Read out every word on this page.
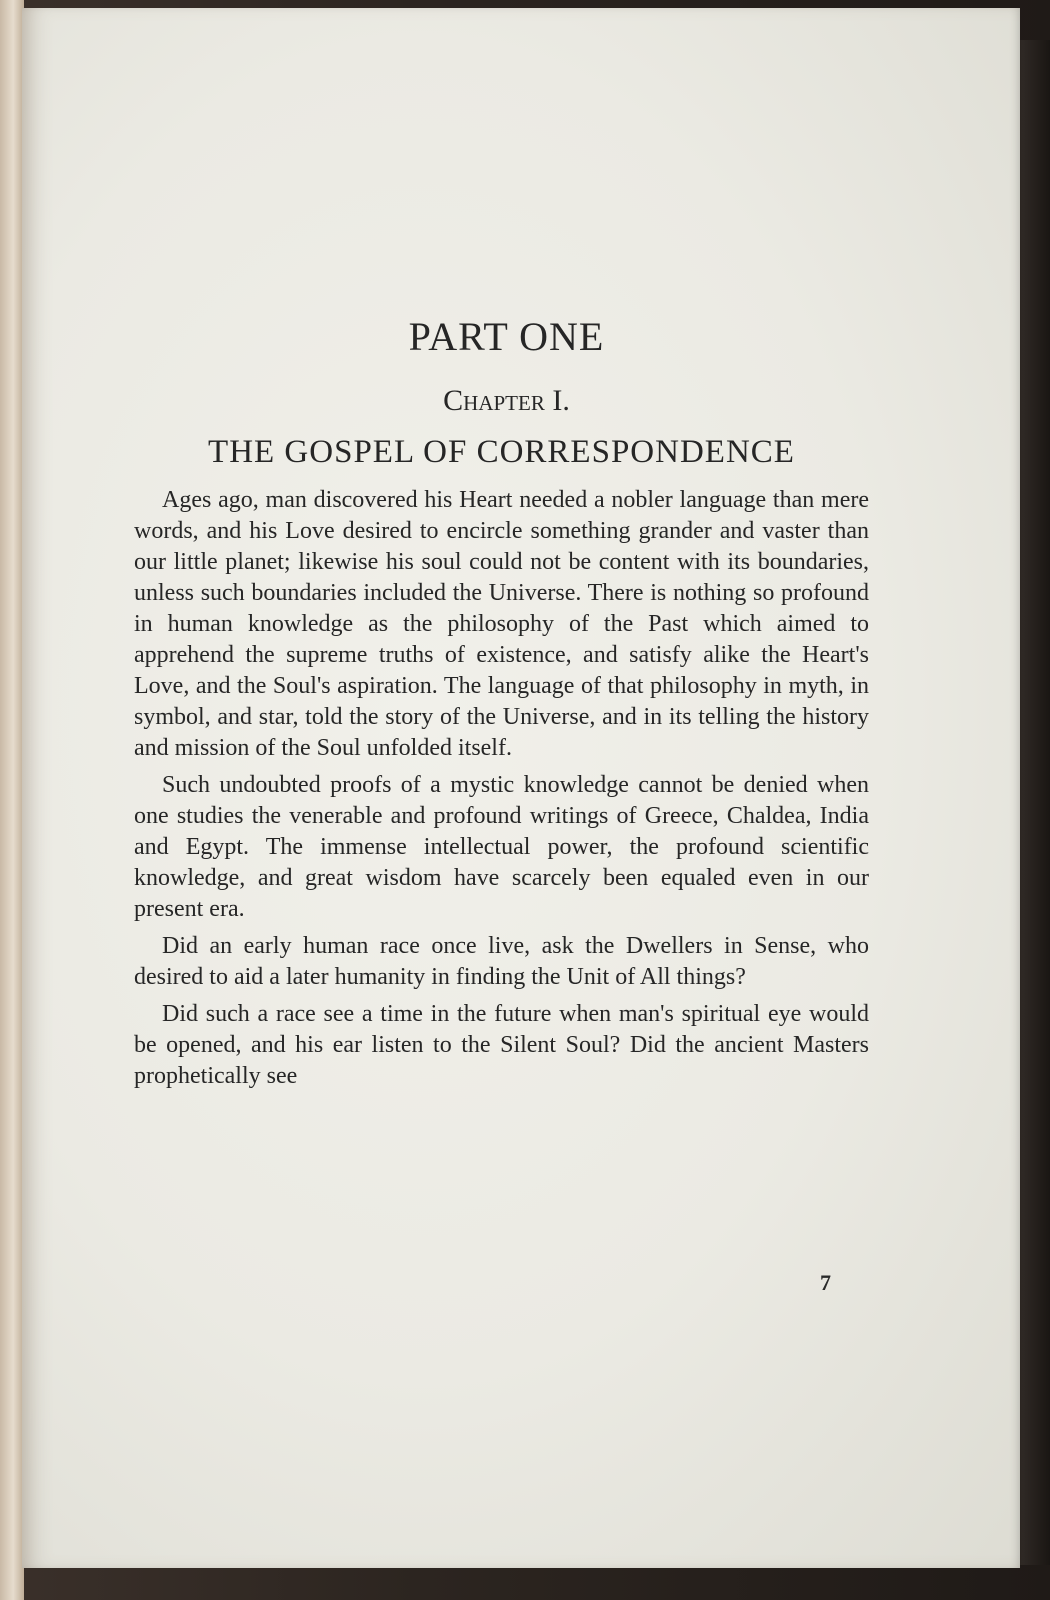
PART ONE
Chapter I.
THE GOSPEL OF CORRESPONDENCE

Ages ago, man discovered his Heart needed a nobler language than mere words, and his Love desired to encircle something grander and vaster than our little planet; likewise his soul could not be content with its boundaries, unless such boundaries included the Universe. There is nothing so profound in human knowledge as the philosophy of the Past which aimed to apprehend the supreme truths of existence, and satisfy alike the Heart's Love, and the Soul's aspiration. The language of that philosophy in myth, in symbol, and star, told the story of the Universe, and in its telling the history and mission of the Soul unfolded itself.

Such undoubted proofs of a mystic knowledge cannot be denied when one studies the venerable and profound writings of Greece, Chaldea, India and Egypt. The immense intellectual power, the profound scientific knowledge, and great wisdom have scarcely been equaled even in our present era.

Did an early human race once live, ask the Dwellers in Sense, who desired to aid a later humanity in finding the Unit of All things?

Did such a race see a time in the future when man's spiritual eye would be opened, and his ear listen to the Silent Soul? Did the ancient Masters prophetically see

7
